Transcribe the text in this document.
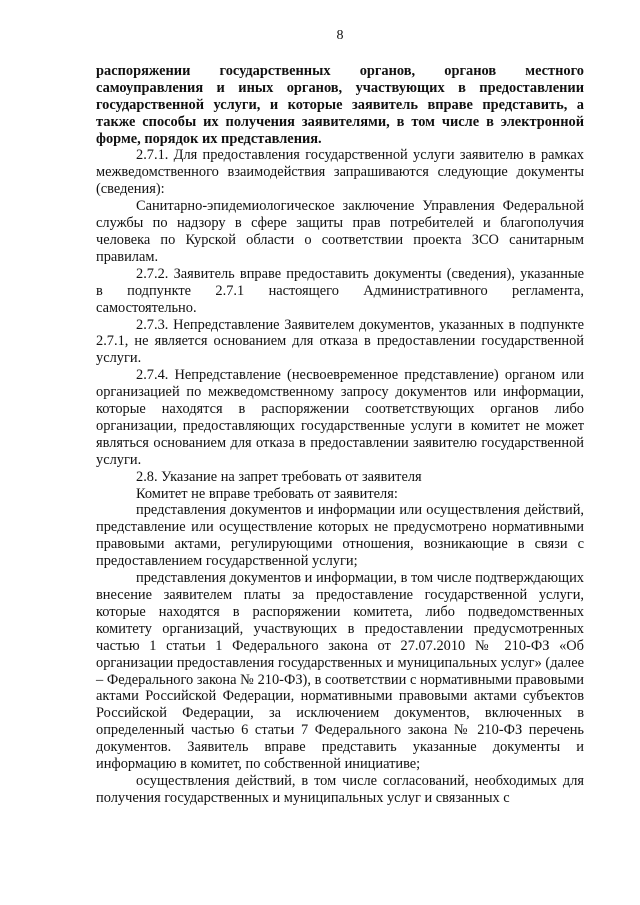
8

распоряжении государственных органов, органов местного самоуправления и иных органов, участвующих в предоставлении государственной услуги, и которые заявитель вправе представить, а также способы их получения заявителями, в том числе в электронной форме, порядок их представления.

2.7.1. Для предоставления государственной услуги заявителю в рамках межведомственного взаимодействия запрашиваются следующие документы (сведения):

Санитарно-эпидемиологическое заключение Управления Федеральной службы по надзору в сфере защиты прав потребителей и благополучия человека по Курской области о соответствии проекта ЗСО санитарным правилам.

2.7.2. Заявитель вправе предоставить документы (сведения), указанные в подпункте 2.7.1 настоящего Административного регламента, самостоятельно.

2.7.3. Непредставление Заявителем документов, указанных в подпункте 2.7.1, не является основанием для отказа в предоставлении государственной услуги.

2.7.4. Непредставление (несвоевременное представление) органом или организацией по межведомственному запросу документов или информации, которые находятся в распоряжении соответствующих органов либо организации, предоставляющих государственные услуги в комитет не может являться основанием для отказа в предоставлении заявителю государственной услуги.

2.8. Указание на запрет требовать от заявителя

Комитет не вправе требовать от заявителя:

представления документов и информации или осуществления действий, представление или осуществление которых не предусмотрено нормативными правовыми актами, регулирующими отношения, возникающие в связи с предоставлением государственной услуги;

представления документов и информации, в том числе подтверждающих внесение заявителем платы за предоставление государственной услуги, которые находятся в распоряжении комитета, либо подведомственных комитету организаций, участвующих в предоставлении предусмотренных частью 1 статьи 1 Федерального закона от 27.07.2010 № 210-ФЗ «Об организации предоставления государственных и муниципальных услуг» (далее – Федерального закона № 210-ФЗ), в соответствии с нормативными правовыми актами Российской Федерации, нормативными правовыми актами субъектов Российской Федерации, за исключением документов, включенных в определенный частью 6 статьи 7 Федерального закона № 210-ФЗ перечень документов. Заявитель вправе представить указанные документы и информацию в комитет, по собственной инициативе;

осуществления действий, в том числе согласований, необходимых для получения государственных и муниципальных услуг и связанных с
